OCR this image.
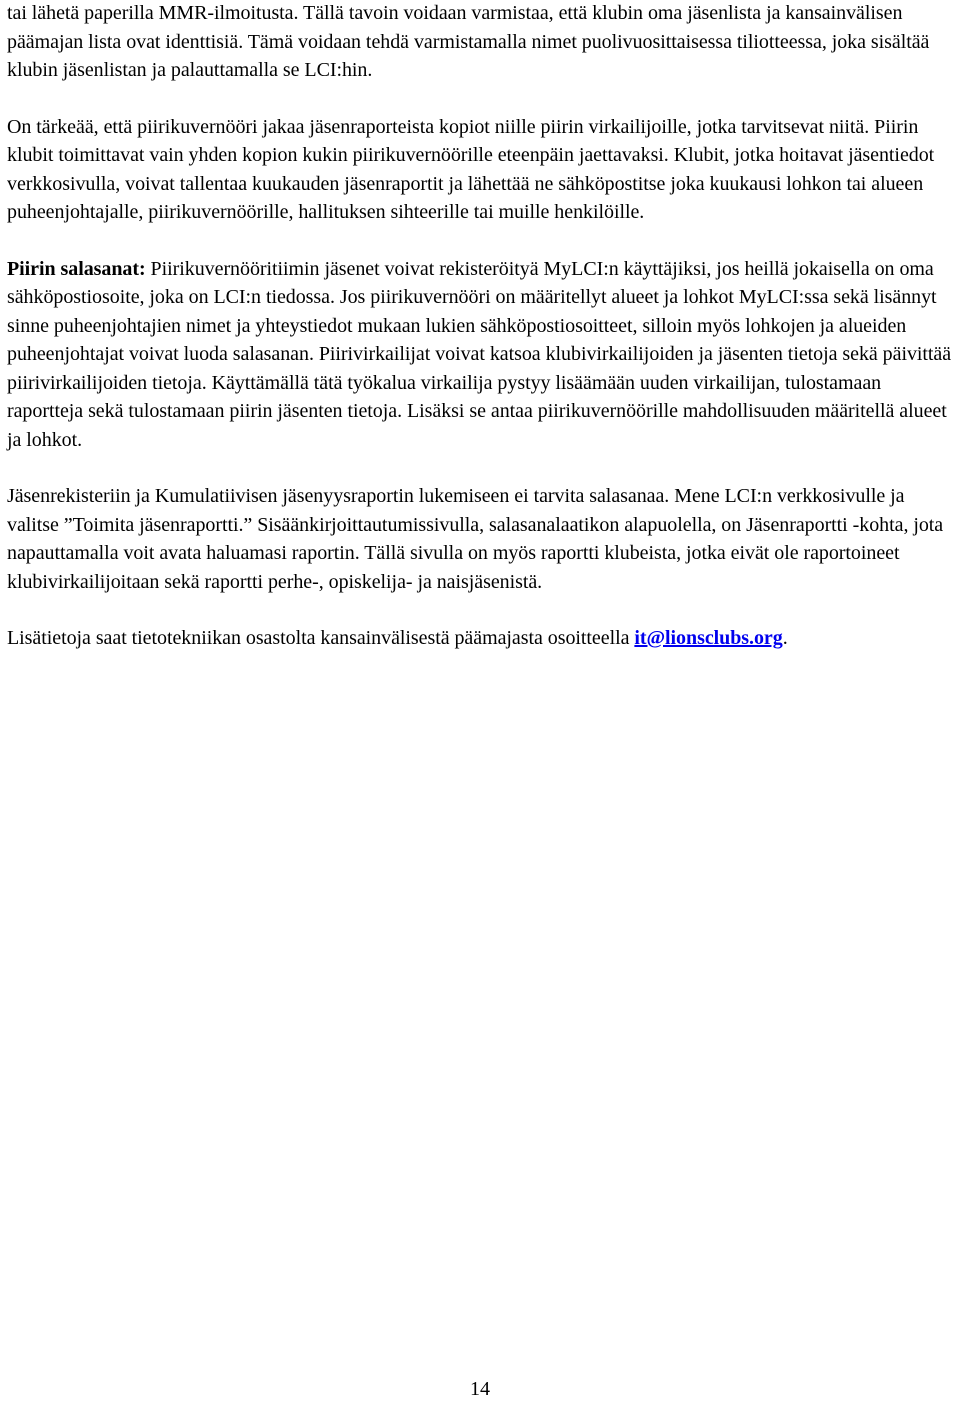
tai lähetä paperilla MMR-ilmoitusta. Tällä tavoin voidaan varmistaa, että klubin oma jäsenlista ja kansainvälisen päämajan lista ovat identtisiä. Tämä voidaan tehdä varmistamalla nimet puolivuosittaisessa tiliotteessa, joka sisältää klubin jäsenlistan ja palauttamalla se LCI:hin.

On tärkeää, että piirikuvernööri jakaa jäsenraporteista kopiot niille piirin virkailijoille, jotka tarvitsevat niitä. Piirin klubit toimittavat vain yhden kopion kukin piirikuvernöörille eteenpäin jaettavaksi. Klubit, jotka hoitavat jäsentiedot verkkosivulla, voivat tallentaa kuukauden jäsenraportit ja lähettää ne sähköpostitse joka kuukausi lohkon tai alueen puheenjohtajalle, piirikuvernöörille, hallituksen sihteerille tai muille henkilöille.

Piirin salasanat: Piirikuvernööritiimin jäsenet voivat rekisteröityä MyLCI:n käyttäjiksi, jos heillä jokaisella on oma sähköpostiosoite, joka on LCI:n tiedossa. Jos piirikuvernööri on määritellyt alueet ja lohkot MyLCI:ssa sekä lisännyt sinne puheenjohtajien nimet ja yhteystiedot mukaan lukien sähköpostiosoitteet, silloin myös lohkojen ja alueiden puheenjohtajat voivat luoda salasanan. Piirivirkailijat voivat katsoa klubivirkailijoiden ja jäsenten tietoja sekä päivittää piirivirkailijoiden tietoja. Käyttämällä tätä työkalua virkailija pystyy lisäämään uuden virkailijan, tulostamaan raportteja sekä tulostamaan piirin jäsenten tietoja. Lisäksi se antaa piirikuvernöörille mahdollisuuden määritellä alueet ja lohkot.

Jäsenrekisteriin ja Kumulatiivisen jäsenyysraportin lukemiseen ei tarvita salasanaa. Mene LCI:n verkkosivulle ja valitse ”Toimita jäsenraportti.” Sisäänkirjoittautumissivulla, salasanalaatikon alapuolella, on Jäsenraportti -kohta, jota napauttamalla voit avata haluamasi raportin. Tällä sivulla on myös raportti klubeista, jotka eivät ole raportoineet klubivirkailijoitaan sekä raportti perhe-, opiskelija- ja naisjäsenistä.

Lisätietoja saat tietotekniikan osastolta kansainvälisestä päämajasta osoitteella it@lionsclubs.org.

14
